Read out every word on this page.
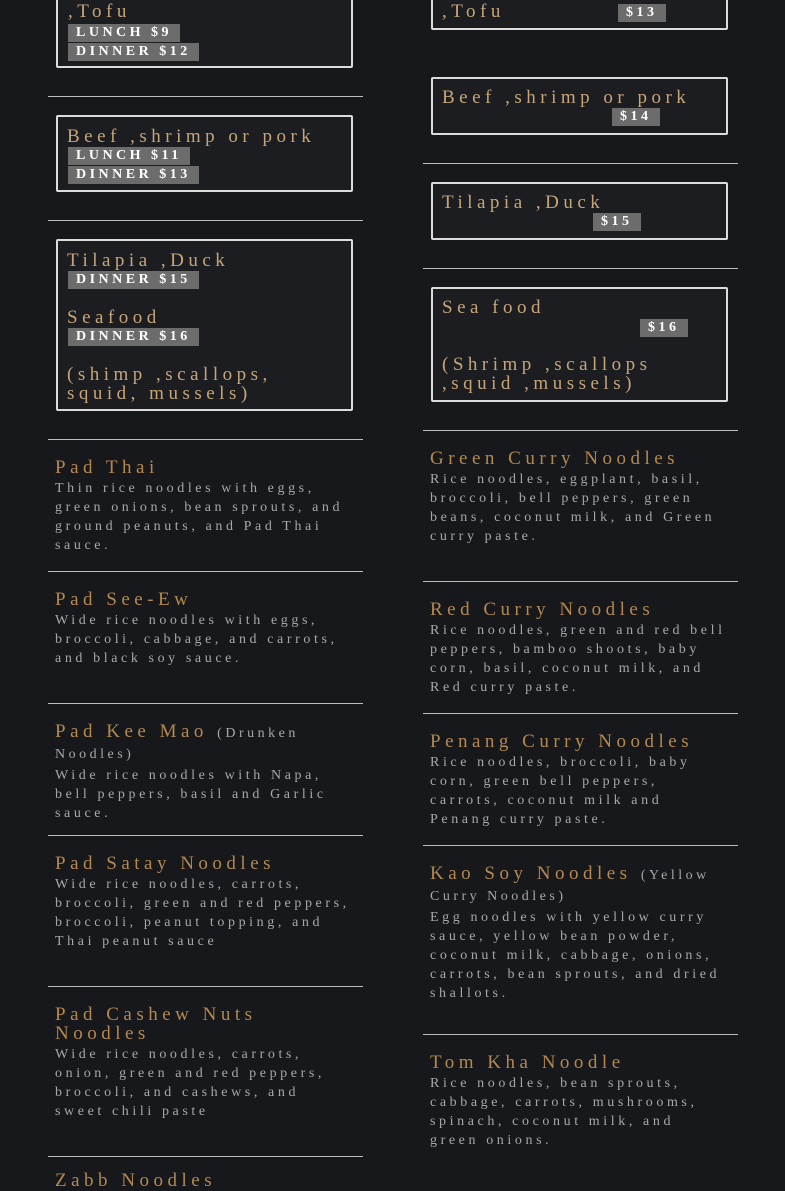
,Tofu
LUNCH $9
DINNER $12
Beef ,shrimp or pork
LUNCH $11
DINNER $13
Tilapia ,Duck
DINNER $15
Seafood
DINNER $16
(shimp ,scallops, squid, mussels)
Pad Thai
Thin rice noodles with eggs, green onions, bean sprouts, and ground peanuts, and Pad Thai sauce.
Pad See-Ew
Wide rice noodles with eggs, broccoli, cabbage, and carrots, and black soy sauce.
Pad Kee Mao (Drunken Noodles)
Wide rice noodles with Napa, bell peppers, basil and Garlic sauce.
Pad Satay Noodles
Wide rice noodles, carrots, broccoli, green and red peppers, broccoli, peanut topping, and Thai peanut sauce
Pad Cashew Nuts Noodles
Wide rice noodles, carrots, onion, green and red peppers, broccoli, and cashews, and sweet chili paste
Zabb Noodles
,Tofu	$13
Beef ,shrimp or pork
$14
Tilapia ,Duck
$15
Sea food
$16
(Shrimp ,scallops ,squid ,mussels)
Green Curry Noodles
Rice noodles, eggplant, basil, broccoli, bell peppers, green beans, coconut milk, and Green curry paste.
Red Curry Noodles
Rice noodles, green and red bell peppers, bamboo shoots, baby corn, basil, coconut milk, and Red curry paste.
Penang Curry Noodles
Rice noodles, broccoli, baby corn, green bell peppers, carrots, coconut milk and Penang curry paste.
Kao Soy Noodles (Yellow Curry Noodles)
Egg noodles with yellow curry sauce, yellow bean powder, coconut milk, cabbage, onions, carrots, bean sprouts, and dried shallots.
Tom Kha Noodle
Rice noodles, bean sprouts, cabbage, carrots, mushrooms, spinach, coconut milk, and green onions.
